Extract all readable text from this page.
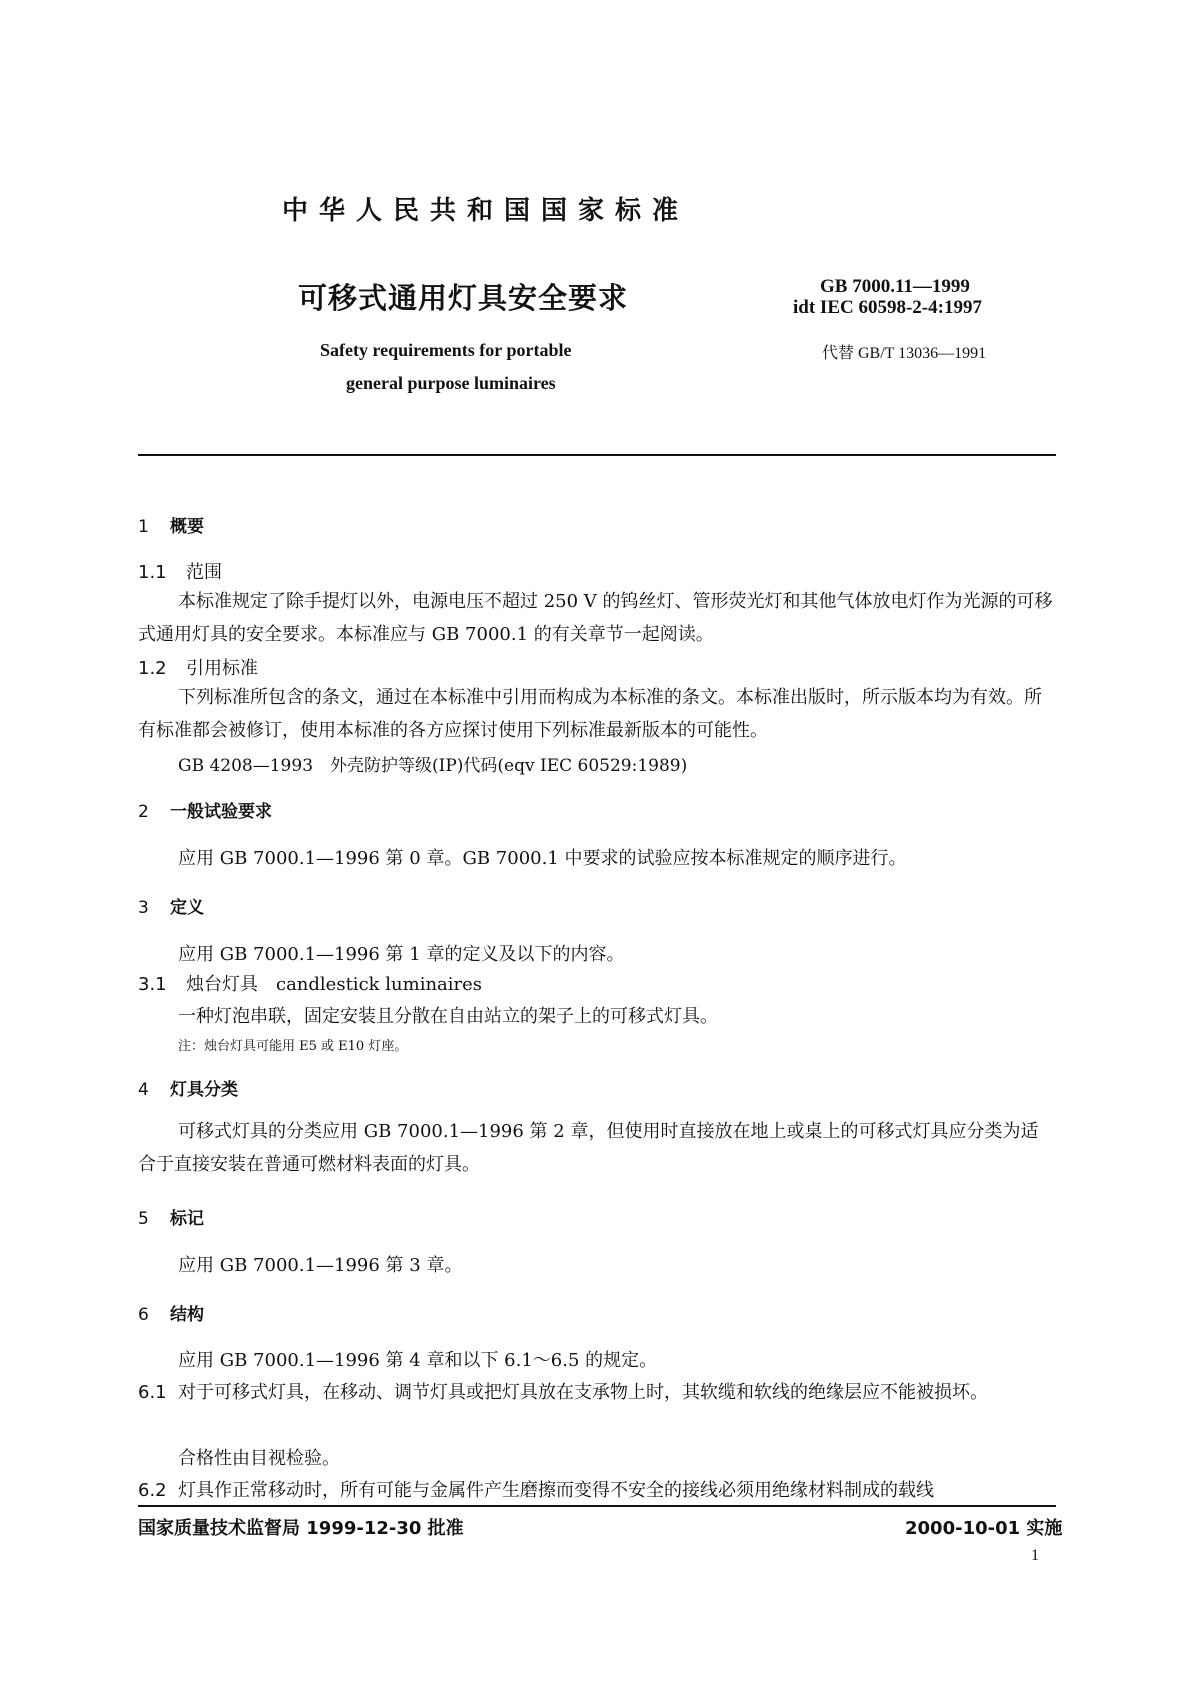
中华人民共和国国家标准
可移式通用灯具安全要求
Safety requirements for portable
general purpose luminaires
GB 7000.11—1999
idt IEC 60598-2-4:1997
代替 GB/T 13036—1991
1 概要
1.1 范围
本标准规定了除手提灯以外，电源电压不超过 250 V 的钨丝灯、管形荧光灯和其他气体放电灯作为光源的可移式通用灯具的安全要求。本标准应与 GB 7000.1 的有关章节一起阅读。
1.2 引用标准
下列标准所包含的条文，通过在本标准中引用而构成为本标准的条文。本标准出版时，所示版本均为有效。所有标准都会被修订，使用本标准的各方应探讨使用下列标准最新版本的可能性。
GB 4208—1993　外壳防护等级(IP)代码(eqv IEC 60529:1989)
2 一般试验要求
应用 GB 7000.1—1996 第 0 章。GB 7000.1 中要求的试验应按本标准规定的顺序进行。
3 定义
应用 GB 7000.1—1996 第 1 章的定义及以下的内容。
3.1 烛台灯具　candlestick luminaires
一种灯泡串联，固定安装且分散在自由站立的架子上的可移式灯具。
注：烛台灯具可能用 E5 或 E10 灯座。
4 灯具分类
可移式灯具的分类应用 GB 7000.1—1996 第 2 章，但使用时直接放在地上或桌上的可移式灯具应分类为适合于直接安装在普通可燃材料表面的灯具。
5 标记
应用 GB 7000.1—1996 第 3 章。
6 结构
应用 GB 7000.1—1996 第 4 章和以下 6.1～6.5 的规定。
6.1 对于可移式灯具，在移动、调节灯具或把灯具放在支承物上时，其软缆和软线的绝缘层应不能被损坏。
合格性由目视检验。
6.2 灯具作正常移动时，所有可能与金属件产生磨擦而变得不安全的接线必须用绝缘材料制成的载线
国家质量技术监督局 1999-12-30 批准	2000-10-01 实施
1
